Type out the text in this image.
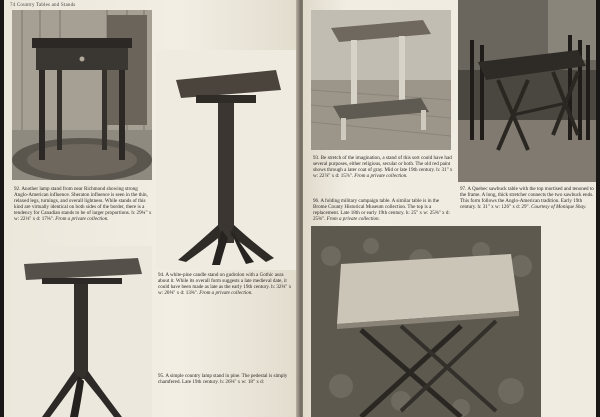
74 Country Tables and Stands

92. Another lamp stand from near Richmond showing strong Anglo-American influence. Sheraton influence is seen in the thin, relaxed legs, turnings, and overall lightness. While stands of this kind are virtually identical on both sides of the border, there is a tendency for Canadian stands to be of larger proportions. h: 29¾" x w: 22⅛" x d: 17⅜". From a private collection.

94. A white-pine candle stand on gudrolon with a Gothic aura about it. While its overall form suggests a late medieval date, it could have been made as late as the early 19th century. h: 32⅜" x w: 20⅝" x d: 13⅝". From a private collection.

95. A simple country lamp stand in pine. The pedestal is simply chamfered. Late 19th century. h: 26⅜" x w: 18" x d:

93. Be stretch of the imagination, a stand of this sort could have had several purposes, either religious, secular or both. The old red paint shows through a later coat of gray. Mid or late 19th century. h: 31" x w: 22⅞" x d: 15⅞". From a private collection.

96. A folding military campaign table. A similar table is in the Brome County Historical Museum collection. The top is a replacement. Late 18th or early 19th century. h: 25" x w: 25⅜" x d: 25⅜". From a private collection.

97. A Quebec sawbuck table with the top mortised and tenoned to the frame. A long, thick stretcher connects the two sawbuck ends. This form follows the Anglo-American tradition. Early 19th century. h: 31" x w: 126" x d: 29". Courtesy of Monique Shay.
